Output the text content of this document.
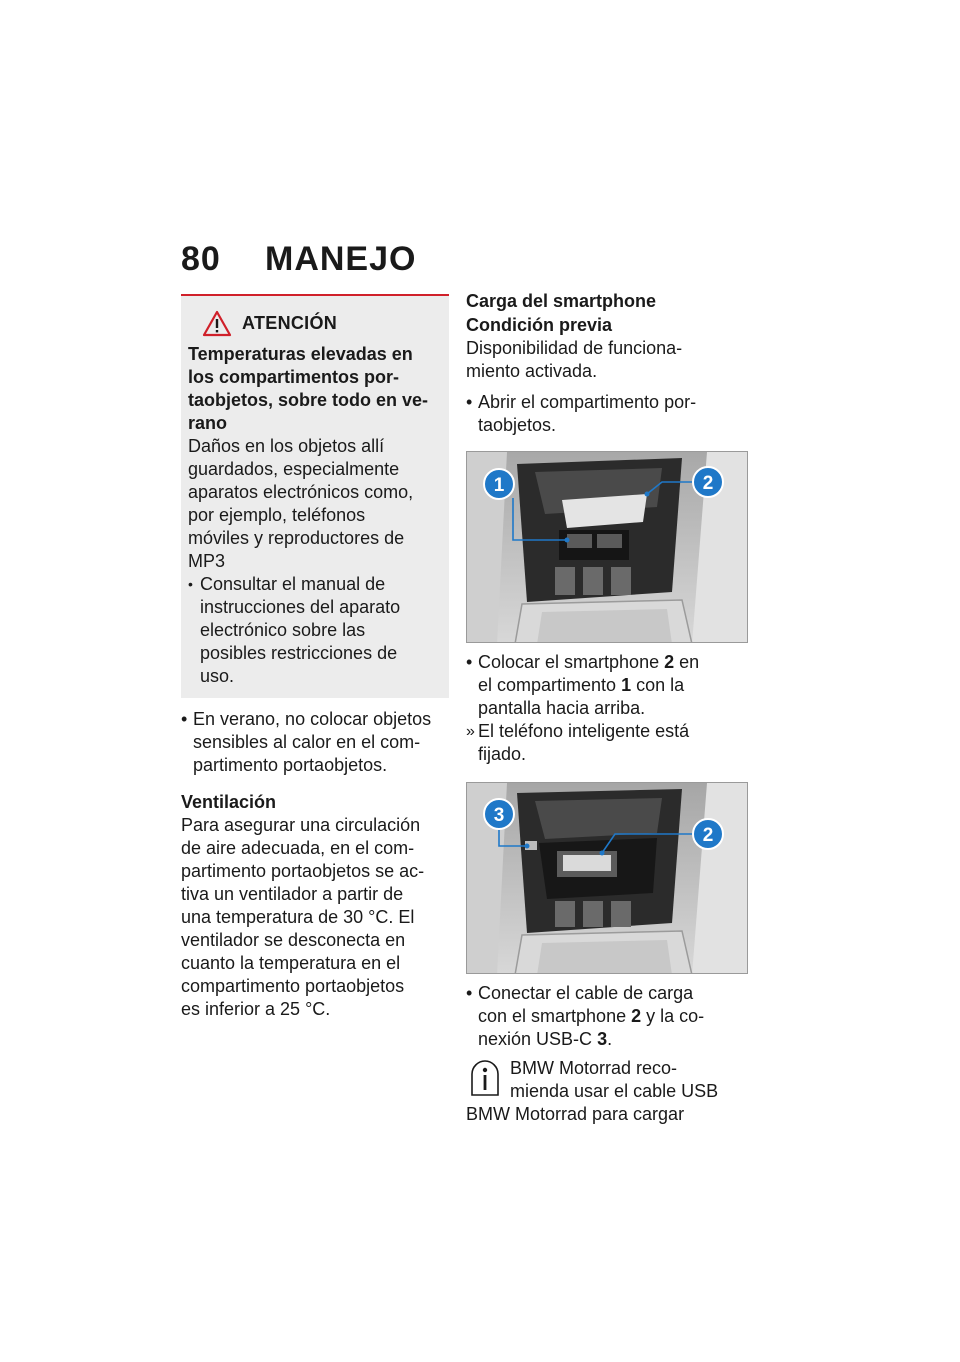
80	MANEJO
ATENCIÓN
Temperaturas elevadas en
los compartimentos por-
taobjetos, sobre todo en ve-
rano
Daños en los objetos allí
guardados, especialmente
aparatos electrónicos como,
por ejemplo, teléfonos
móviles y reproductores de
MP3
• Consultar el manual de
instrucciones del aparato
electrónico sobre las
posibles restricciones de
uso.
• En verano, no colocar objetos
sensibles al calor en el com-
partimento portaobjetos.
Ventilación
Para asegurar una circulación
de aire adecuada, en el com-
partimento portaobjetos se ac-
tiva un ventilador a partir de
una temperatura de 30 °C. El
ventilador se desconecta en
cuanto la temperatura en el
compartimento portaobjetos
es inferior a 25 °C.
Carga del smartphone
Condición previa
Disponibilidad de funciona-
miento activada.
• Abrir el compartimento por-
taobjetos.
1	2
• Colocar el smartphone 2 en
el compartimento 1 con la
pantalla hacia arriba.
» El teléfono inteligente está
fijado.
3
2
• Conectar el cable de carga
con el smartphone 2 y la co-
nexión USB-C 3.
BMW Motorrad reco-
mienda usar el cable USB
BMW Motorrad para cargar
